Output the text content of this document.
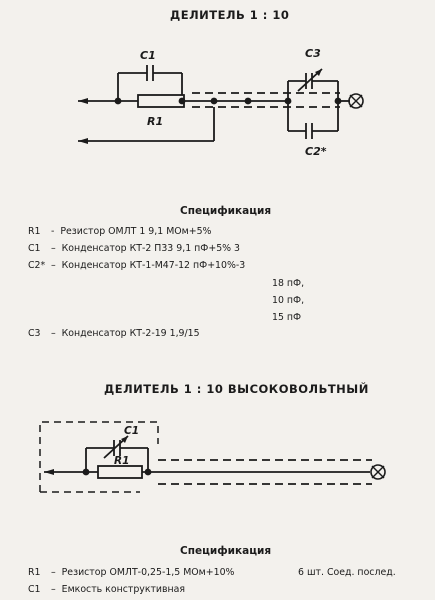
ДЕЛИТЕЛЬ 1 : 10
C1
R1
C3
C2*
Спецификация
R1 - Резистор ОМЛТ 1 9,1 МОм+5%
C1 – Конденсатор КТ-2 П33 9,1 пФ+5% 3
C2* – Конденсатор КТ-1-М47-12 пФ+10%-3
18 пФ,
10 пФ,
15 пФ
C3 – Конденсатор КТ-2-19 1,9/15
ДЕЛИТЕЛЬ 1 : 10 ВЫСОКОВОЛЬТНЫЙ
C1
R1
Спецификация
R1 – Резистор ОМЛТ-0,25-1,5 МОм+10%	6 шт. Соед. послед.
C1 – Емкость конструктивная
